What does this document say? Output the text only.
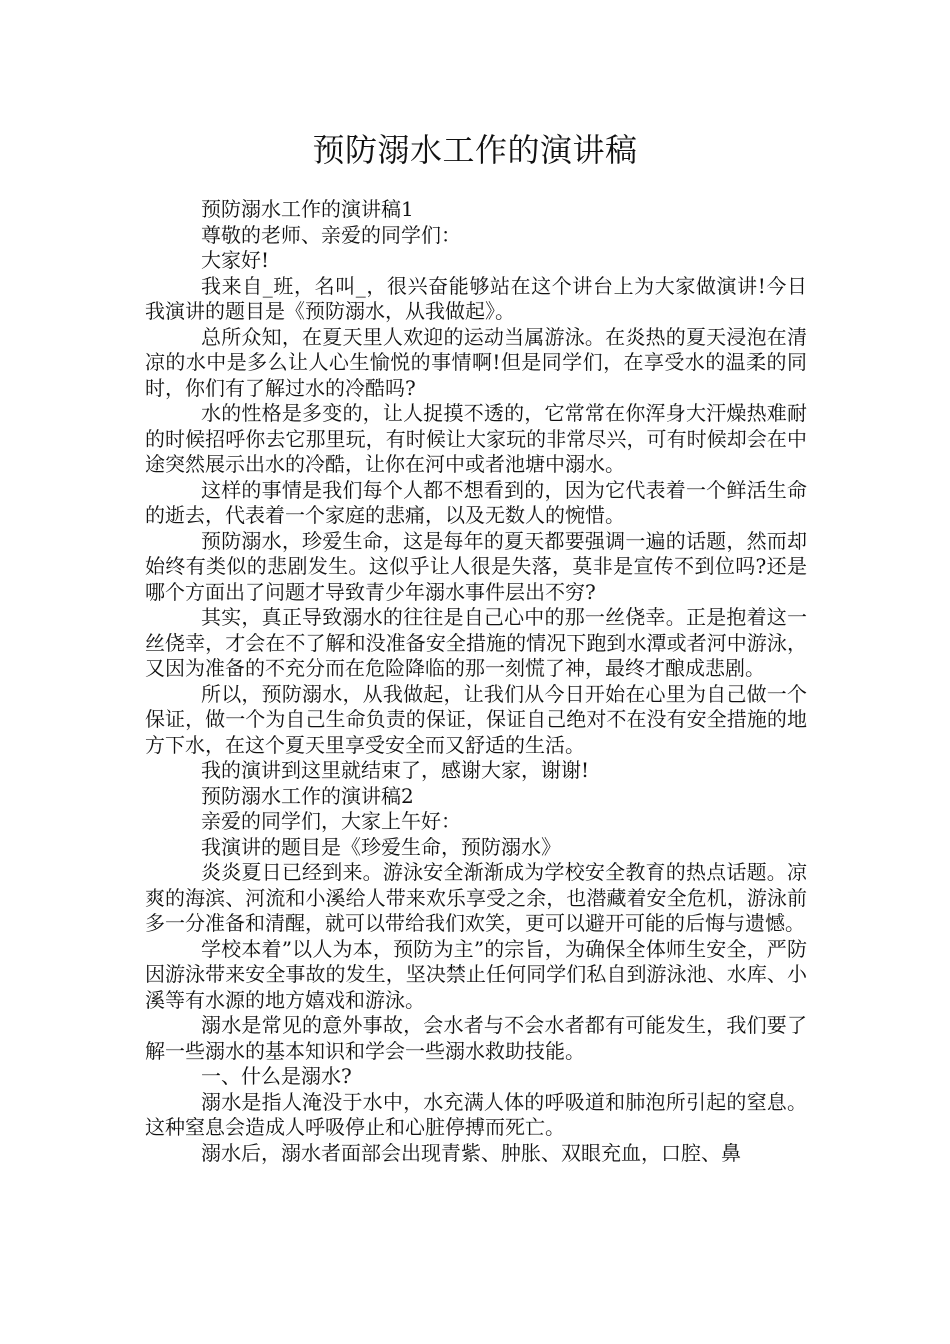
预防溺水工作的演讲稿

预防溺水工作的演讲稿1

尊敬的老师、亲爱的同学们：

大家好!

我来自_班，名叫_，很兴奋能够站在这个讲台上为大家做演讲!今日我演讲的题目是《预防溺水，从我做起》。

总所众知，在夏天里人欢迎的运动当属游泳。在炎热的夏天浸泡在清凉的水中是多么让人心生愉悦的事情啊!但是同学们，在享受水的温柔的同时，你们有了解过水的冷酷吗?

水的性格是多变的，让人捉摸不透的，它常常在你浑身大汗燥热难耐的时候招呼你去它那里玩，有时候让大家玩的非常尽兴，可有时候却会在中途突然展示出水的冷酷，让你在河中或者池塘中溺水。

这样的事情是我们每个人都不想看到的，因为它代表着一个鲜活生命的逝去，代表着一个家庭的悲痛，以及无数人的惋惜。

预防溺水，珍爱生命，这是每年的夏天都要强调一遍的话题，然而却始终有类似的悲剧发生。这似乎让人很是失落，莫非是宣传不到位吗?还是哪个方面出了问题才导致青少年溺水事件层出不穷?

其实，真正导致溺水的往往是自己心中的那一丝侥幸。正是抱着这一丝侥幸，才会在不了解和没准备安全措施的情况下跑到水潭或者河中游泳，又因为准备的不充分而在危险降临的那一刻慌了神，最终才酿成悲剧。

所以，预防溺水，从我做起，让我们从今日开始在心里为自己做一个保证，做一个为自己生命负责的保证，保证自己绝对不在没有安全措施的地方下水，在这个夏天里享受安全而又舒适的生活。

我的演讲到这里就结束了，感谢大家，谢谢!

预防溺水工作的演讲稿2

亲爱的同学们，大家上午好：

我演讲的题目是《珍爱生命，预防溺水》

炎炎夏日已经到来。游泳安全渐渐成为学校安全教育的热点话题。凉爽的海滨、河流和小溪给人带来欢乐享受之余，也潜藏着安全危机，游泳前多一分准备和清醒，就可以带给我们欢笑，更可以避开可能的后悔与遗憾。

学校本着”以人为本，预防为主”的宗旨，为确保全体师生安全，严防因游泳带来安全事故的发生，坚决禁止任何同学们私自到游泳池、水库、小溪等有水源的地方嬉戏和游泳。

溺水是常见的意外事故，会水者与不会水者都有可能发生，我们要了解一些溺水的基本知识和学会一些溺水救助技能。

一、什么是溺水?

溺水是指人淹没于水中，水充满人体的呼吸道和肺泡所引起的窒息。这种窒息会造成人呼吸停止和心脏停搏而死亡。

溺水后，溺水者面部会出现青紫、肿胀、双眼充血，口腔、鼻
